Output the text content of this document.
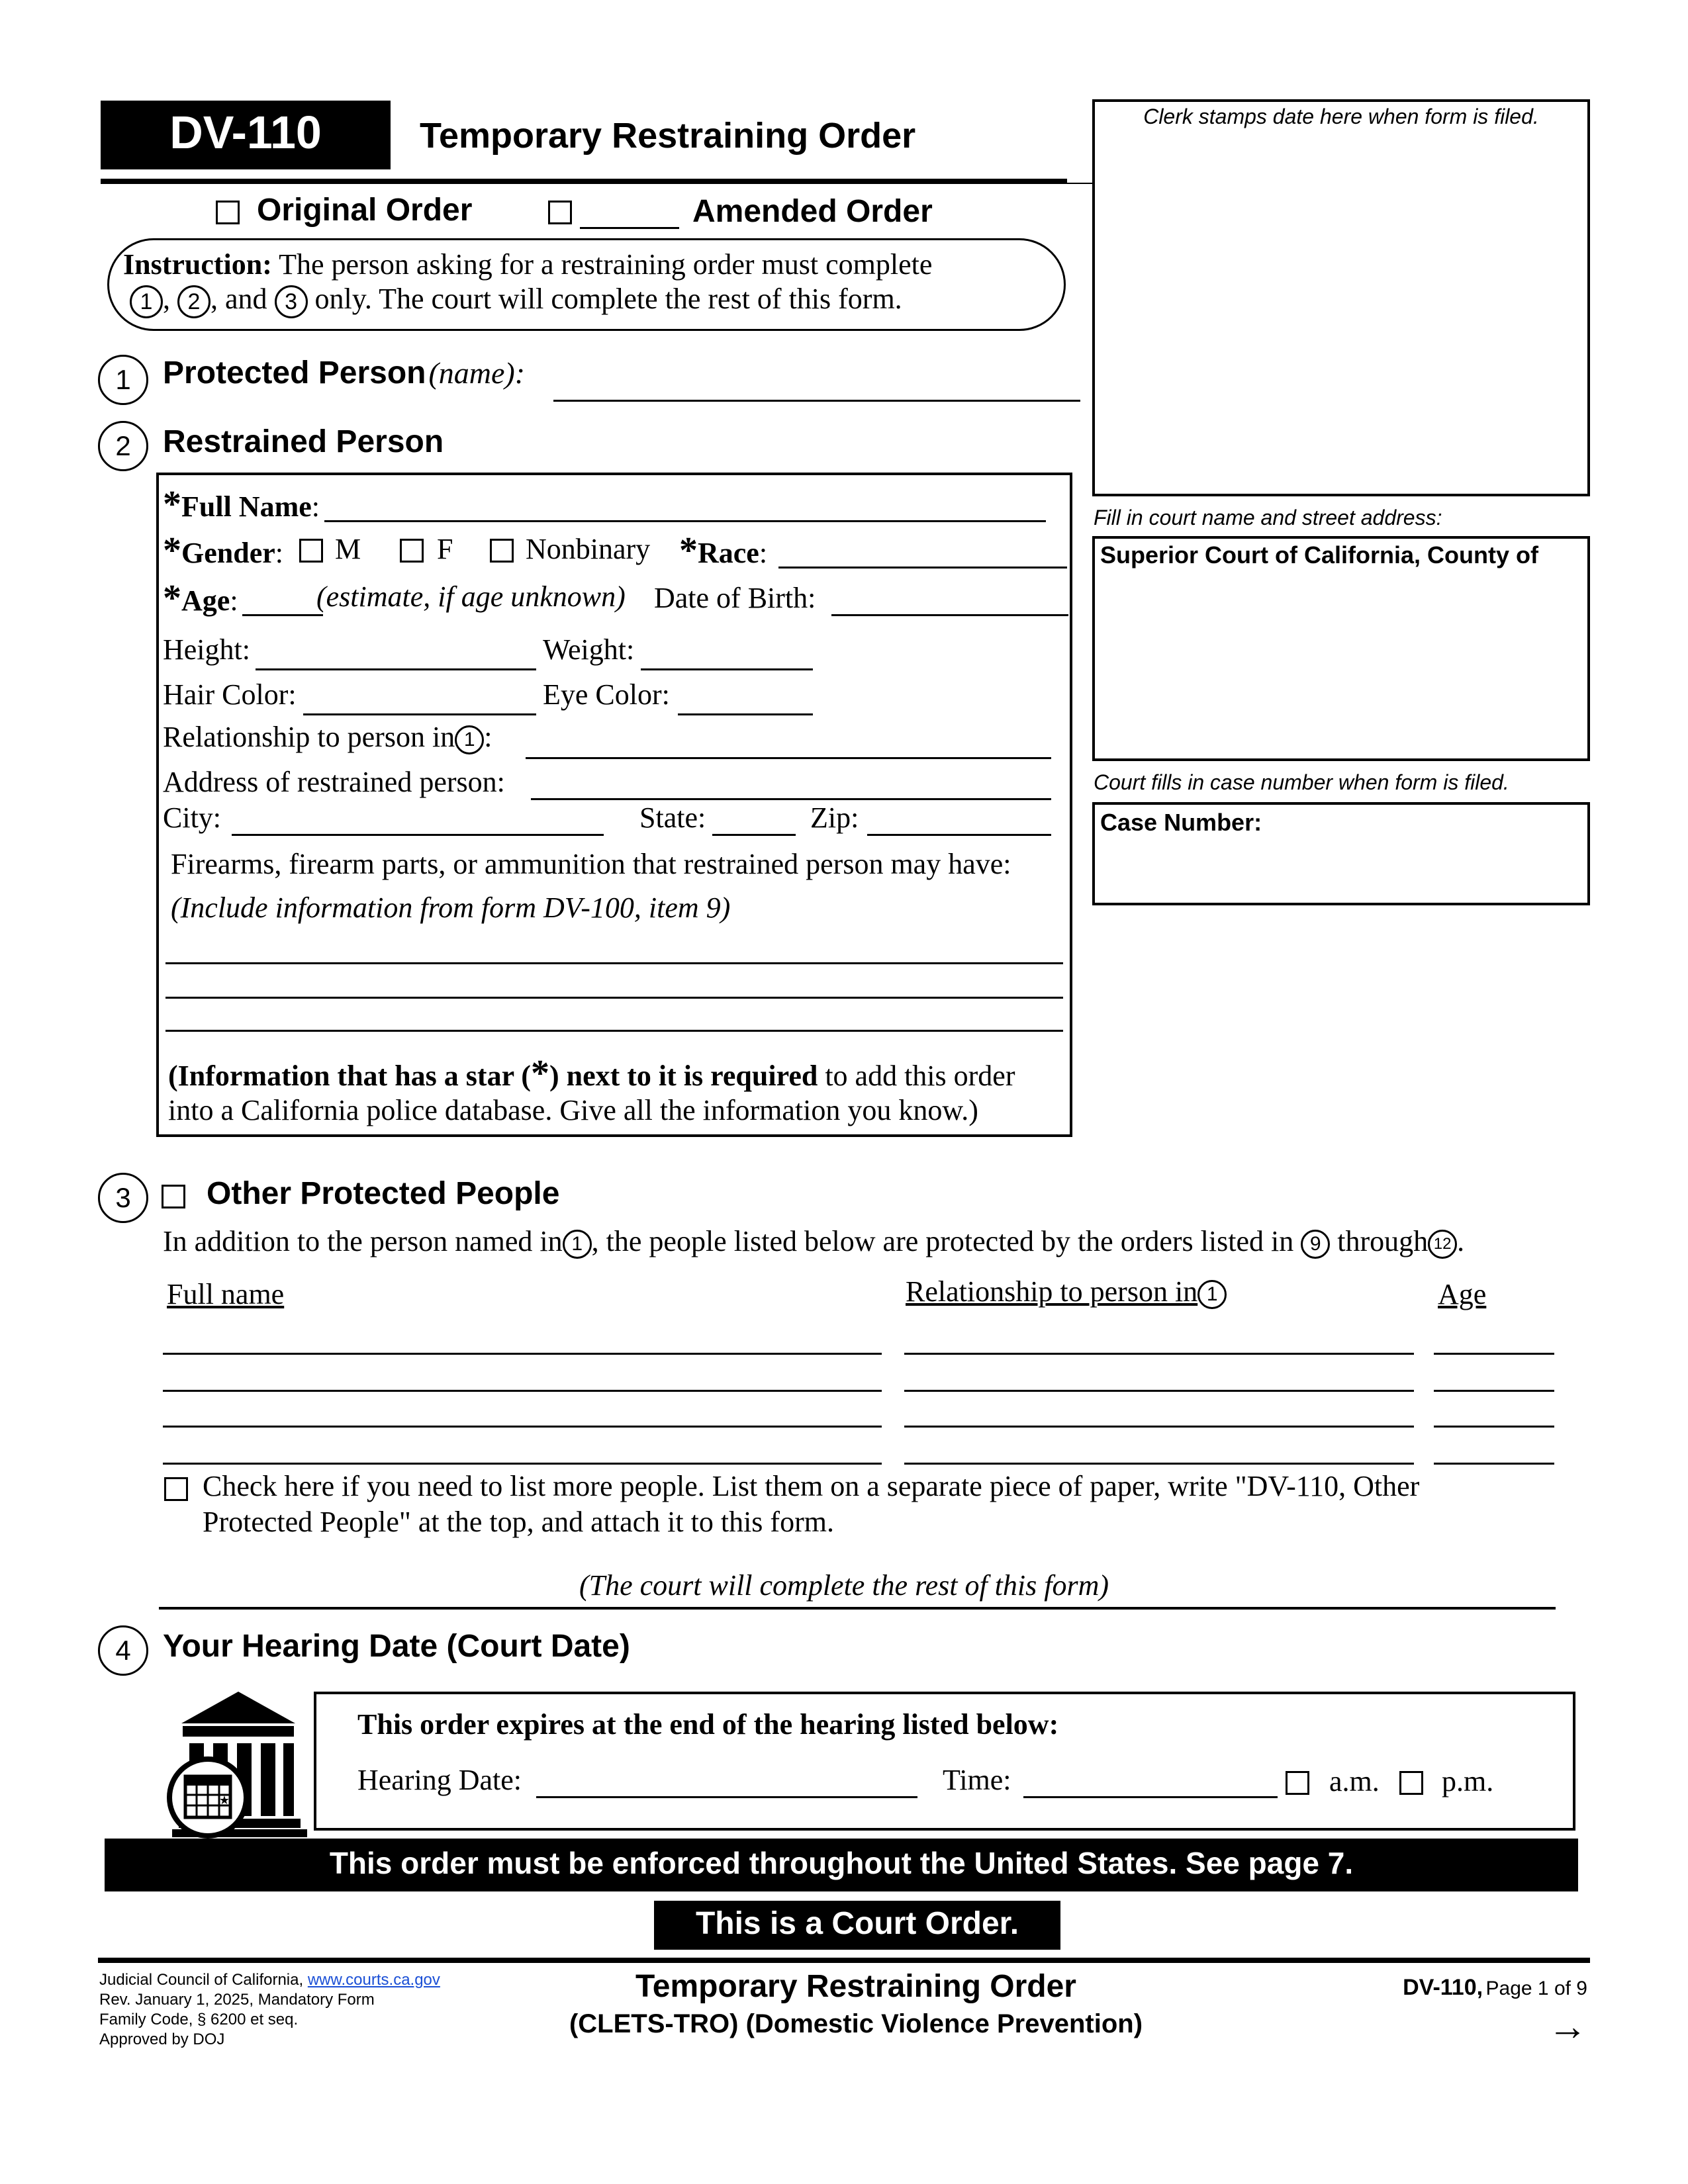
DV-110	Temporary Restraining Order
Original Order	Amended Order
Instruction: The person asking for a restraining order must complete
1 , 2 , and 3 only. The court will complete the rest of this form.
Clerk stamps date here when form is filed.
Fill in court name and street address:
Superior Court of California, County of
Court fills in case number when form is filed.
Case Number:
1	Protected Person (name):
2	Restrained Person
*Full Name:
*Gender: M	F Nonbinary *Race:
*Age:	(estimate, if age unknown) Date of Birth:
Height:	Weight:
Hair Color:	Eye Color:
Relationship to person in 1 :
Address of restrained person:
City:	State:	Zip:
Firearms, firearm parts, or ammunition that restrained person may have:
(Include information from form DV-100, item 9)
(Information that has a star (*) next to it is required to add this order
into a California police database. Give all the information you know.)
3	Other Protected People
In addition to the person named in 1 , the people listed below are protected by the orders listed in 9 through 12 .
Full name	Relationship to person in 1	Age
Check here if you need to list more people. List them on a separate piece of paper, write "DV-110, Other
Protected People" at the top, and attach it to this form.
(The court will complete the rest of this form)
4	Your Hearing Date (Court Date)
★
This order expires at the end of the hearing listed below:
Hearing Date:	Time:	a.m. p.m.
This order must be enforced throughout the United States. See page 7.
This is a Court Order.
Judicial Council of California, www.courts.ca.gov
Rev. January 1, 2025, Mandatory Form
Family Code, § 6200 et seq.
Approved by DOJ
Temporary Restraining Order
(CLETS-TRO) (Domestic Violence Prevention)
DV-110, Page 1 of 9
→
